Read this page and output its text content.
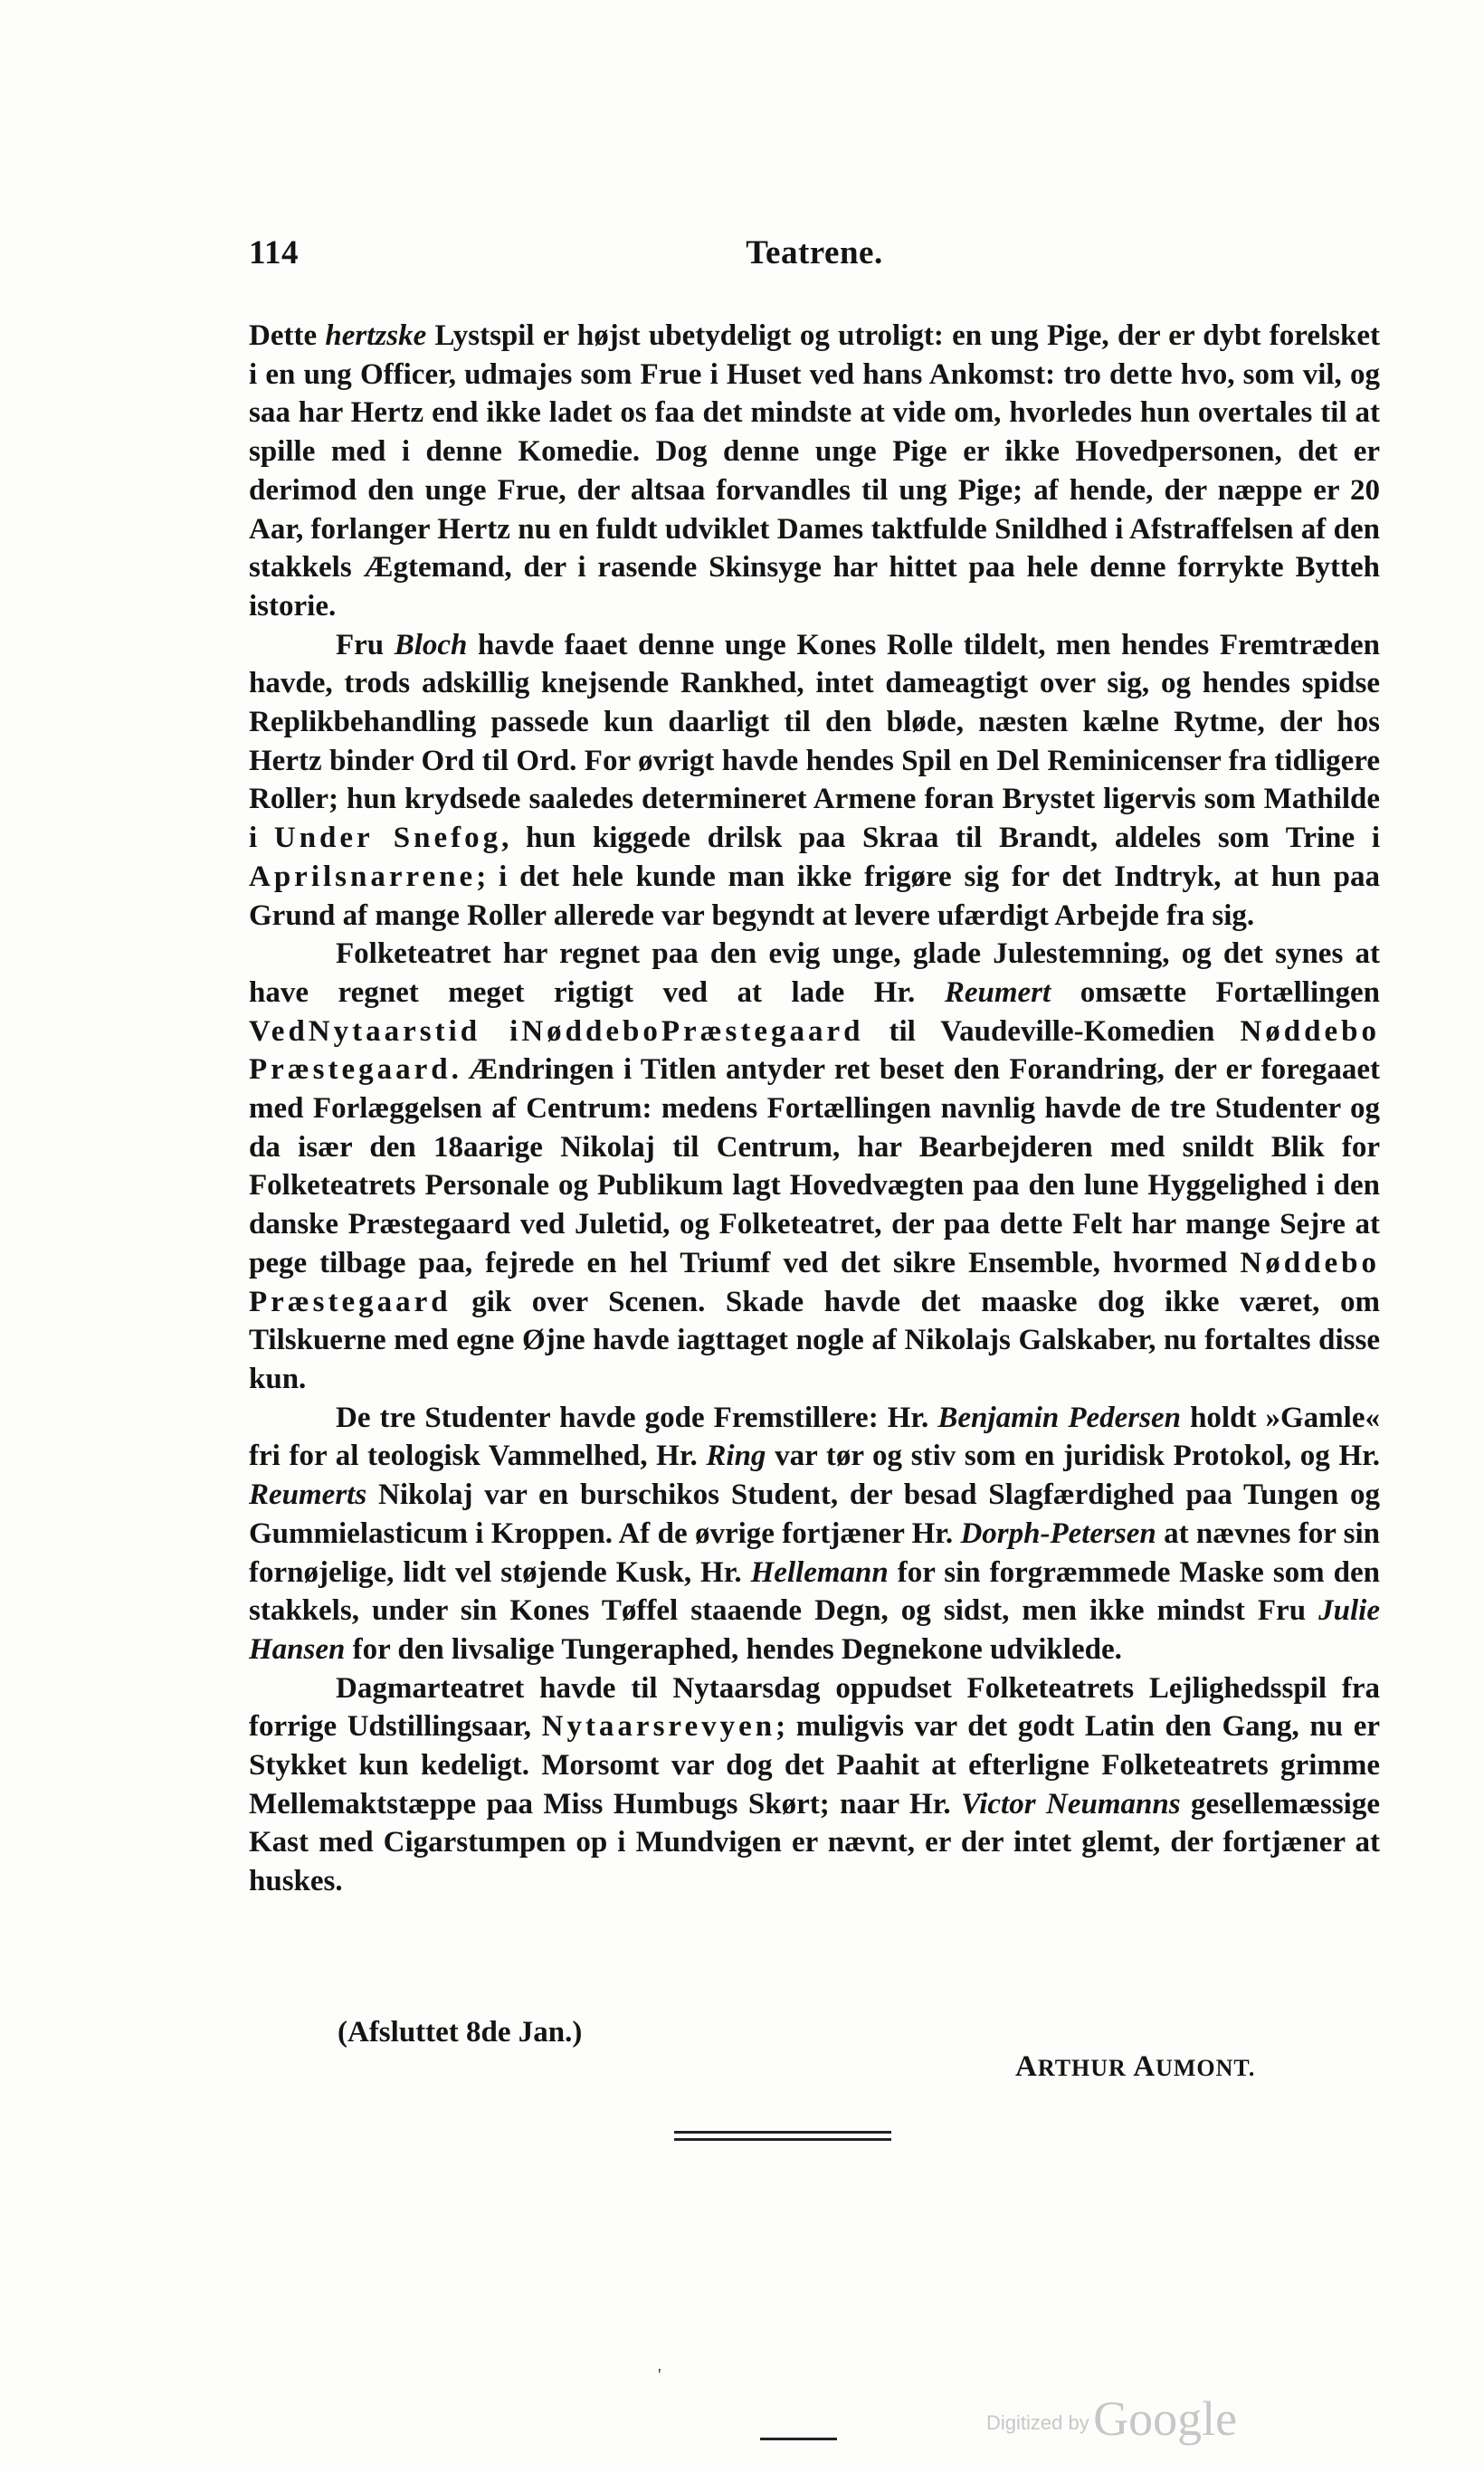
114	Teatrene.

Dette hertzske Lystspil er højst ubetydeligt og utroligt: en ung Pige, der er dybt forelsket i en ung Officer, udmajes som Frue i Huset ved hans Ankomst: tro dette hvo, som vil, og saa har Hertz end ikke ladet os faa det mindste at vide om, hvorledes hun overtales til at spille med i denne Komedie. Dog denne unge Pige er ikke Hovedpersonen, det er derimod den unge Frue, der altsaa forvandles til ung Pige; af hende, der næppe er 20 Aar, forlanger Hertz nu en fuldt udviklet Dames taktfulde Snildhed i Afstraffelsen af den stakkels Ægtemand, der i rasende Skinsyge har hittet paa hele denne forrykte Bytteh istorie.

Fru Bloch havde faaet denne unge Kones Rolle tildelt, men hendes Fremtræden havde, trods adskillig knejsende Rankhed, intet dameagtigt over sig, og hendes spidse Replikbehandling passede kun daarligt til den bløde, næsten kælne Rytme, der hos Hertz binder Ord til Ord. For øvrigt havde hendes Spil en Del Reminicenser fra tidligere Roller; hun krydsede saaledes determineret Armene foran Brystet ligervis som Mathilde i Under Snefog, hun kiggede drilsk paa Skraa til Brandt, aldeles som Trine i Aprilsnarrene; i det hele kunde man ikke frigøre sig for det Indtryk, at hun paa Grund af mange Roller allerede var begyndt at levere ufærdigt Arbejde fra sig.

Folketeatret har regnet paa den evig unge, glade Julestemning, og det synes at have regnet meget rigtigt ved at lade Hr. Reumert omsætte Fortællingen VedNytaarstid iNøddeboPræstegaard til Vaudeville-Komedien Nøddebo Præstegaard. Ændringen i Titlen antyder ret beset den Forandring, der er foregaaet med Forlæggelsen af Centrum: medens Fortællingen navnlig havde de tre Studenter og da især den 18aarige Nikolaj til Centrum, har Bearbejderen med snildt Blik for Folketeatrets Personale og Publikum lagt Hovedvægten paa den lune Hyggelighed i den danske Præstegaard ved Juletid, og Folketeatret, der paa dette Felt har mange Sejre at pege tilbage paa, fejrede en hel Triumf ved det sikre Ensemble, hvormed Nøddebo Præstegaard gik over Scenen. Skade havde det maaske dog ikke været, om Tilskuerne med egne Øjne havde iagttaget nogle af Nikolajs Galskaber, nu fortaltes disse kun.

De tre Studenter havde gode Fremstillere: Hr. Benjamin Pedersen holdt »Gamle« fri for al teologisk Vammelhed, Hr. Ring var tør og stiv som en juridisk Protokol, og Hr. Reumerts Nikolaj var en burschikos Student, der besad Slagfærdighed paa Tungen og Gummielasticum i Kroppen. Af de øvrige fortjæner Hr. Dorph-Petersen at nævnes for sin fornøjelige, lidt vel støjende Kusk, Hr. Hellemann for sin forgræmmede Maske som den stakkels, under sin Kones Tøffel staaende Degn, og sidst, men ikke mindst Fru Julie Hansen for den livsalige Tungeraphed, hendes Degnekone udviklede.

Dagmarteatret havde til Nytaarsdag oppudset Folketeatrets Lejlighedsspil fra forrige Udstillingsaar, Nytaarsrevyen; muligvis var det godt Latin den Gang, nu er Stykket kun kedeligt. Morsomt var dog det Paahit at efterligne Folketeatrets grimme Mellemaktstæppe paa Miss Humbugs Skørt; naar Hr. Victor Neumanns gesellemæssige Kast med Cigarstumpen op i Mundvigen er nævnt, er der intet glemt, der fortjæner at huskes.

(Afsluttet 8de Jan.)
ARTHUR AUMONT.
'
Digitized by Google
